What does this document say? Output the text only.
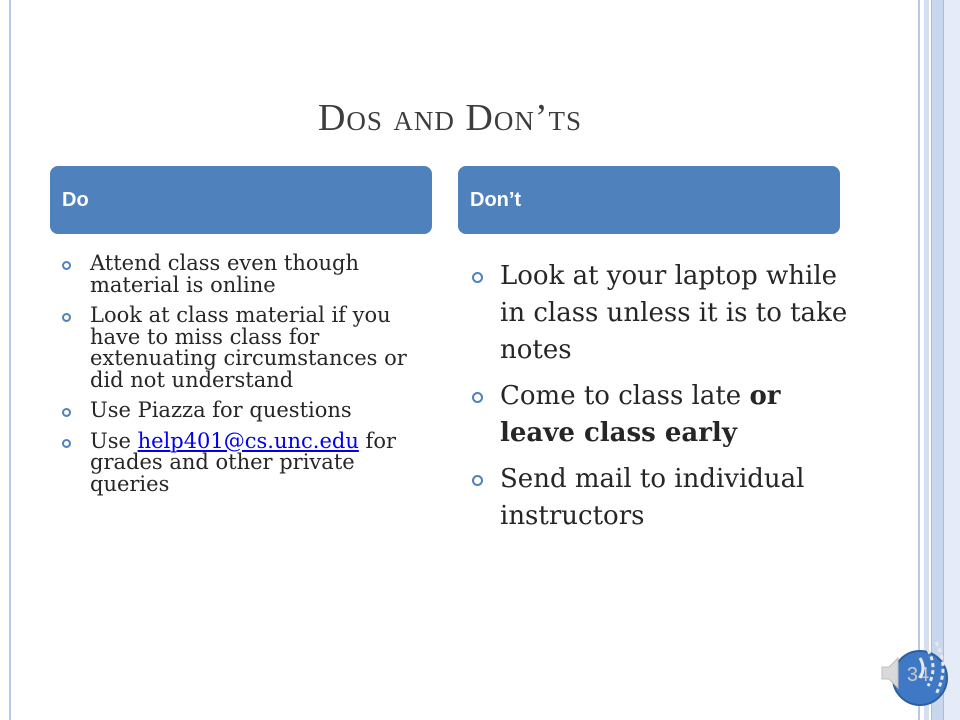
Dos and Don’ts
Do	Don’t
Attend class even though material is online
Look at class material if you have to miss class for extenuating circumstances or did not understand
Use Piazza for questions
Use help401@cs.unc.edu for grades and other private queries
Look at your laptop while in class unless it is to take notes
Come to class late or leave class early
Send mail to individual instructors
34
